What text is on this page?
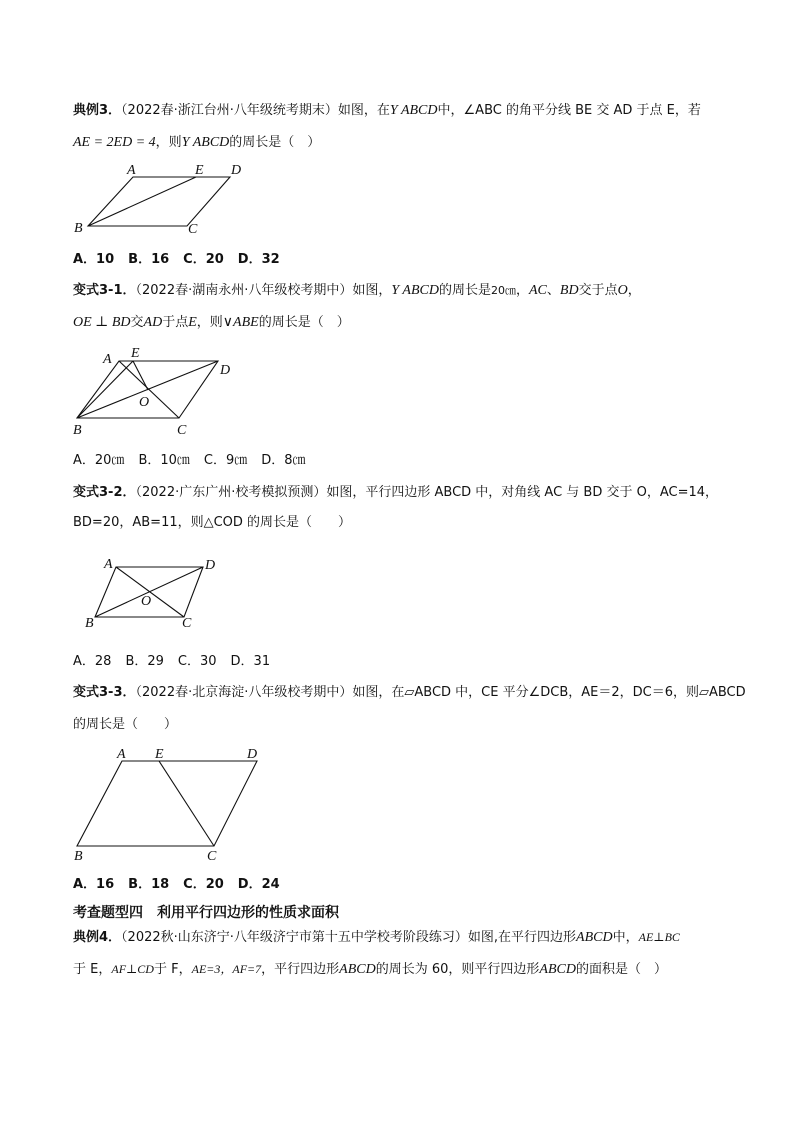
典例3．（2022春·浙江台州·八年级统考期末）如图，在Y ABCD中，∠ABC 的角平分线 BE 交 AD 于点 E，若
AE = 2ED = 4，则Y ABCD的周长是（　）
A	E D
B	C
A．10 B．16 C．20 D．32
变式3-1．（2022春·湖南永州·八年级校考期中）如图，Y ABCD的周长是20㎝，AC、BD交于点O，
OE ⊥ BD交AD于点E，则∨ABE的周长是（　）
A E
D
O
B	C
A．20㎝ B．10㎝ C．9㎝ D．8㎝
变式3-2．（2022·广东广州·校考模拟预测）如图，平行四边形 ABCD 中，对角线 AC 与 BD 交于 O，AC=14，
BD=20，AB=11，则△COD 的周长是（　　）
A	D
O
B	C
A．28 B．29 C．30 D．31
变式3-3．（2022春·北京海淀·八年级校考期中）如图，在▱ABCD 中，CE 平分∠DCB，AE＝2，DC＝6，则▱ABCD
的周长是（　　）
A E	D
B	C
A．16 B．18 C．20 D．24
考查题型四　利用平行四边形的性质求面积
典例4．（2022秋·山东济宁·八年级济宁市第十五中学校考阶段练习）如图,在平行四边形ABCD中，AE⊥BC
于 E，AF⊥CD于 F，AE=3，AF=7，平行四边形ABCD的周长为 60，则平行四边形ABCD的面积是（　）
